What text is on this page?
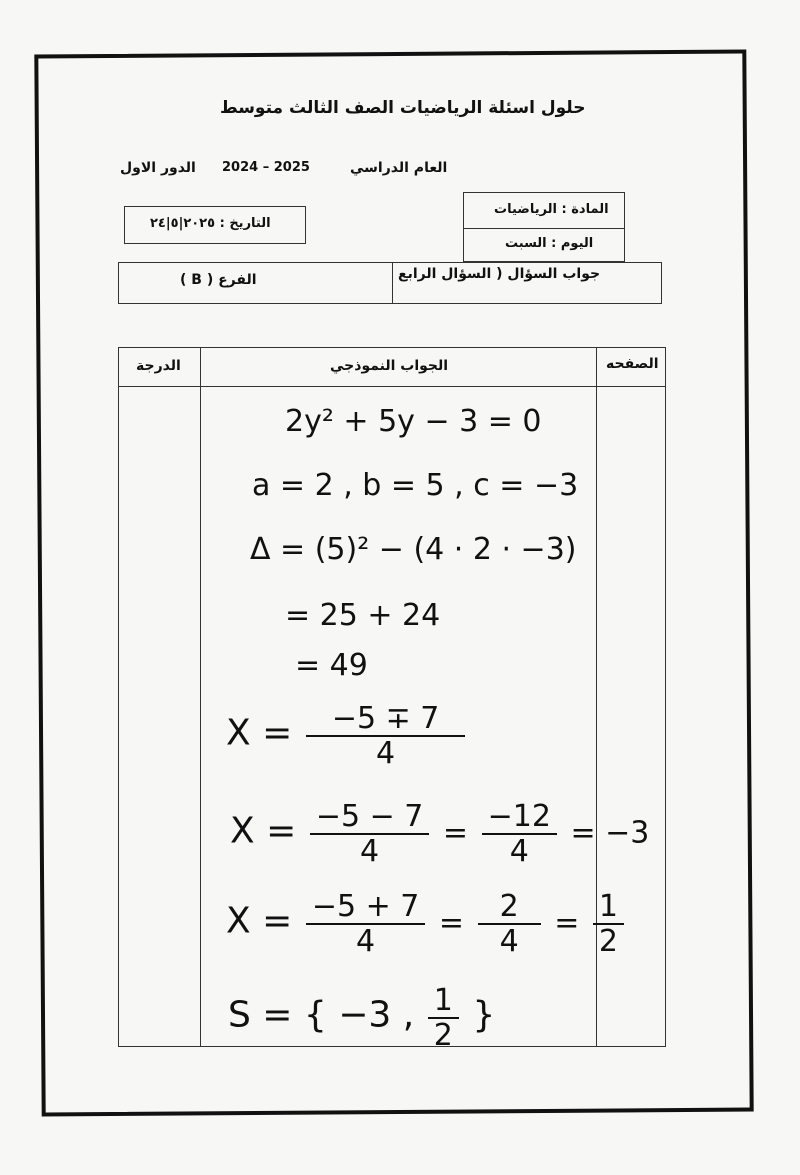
حلول اسئلة الرياضيات الصف الثالث متوسط
العام الدراسي
2024 – 2025
الدور الاول
التاريخ : ٢٠٢٥|٥|٢٤
المادة : الرياضيات
اليوم : السبت
جواب السؤال ( السؤال الرابع
الفرع ( B )
الدرجة	الجواب النموذجي	الصفحه
2y² + 5y − 3 = 0
a = 2 , b = 5 , c = −3
Δ = (5)² − (4 · 2 · −3)
= 25 + 24
= 49
$X = \frac{-5 \mp 7}{4}$
$X = \frac{-5 - 7}{4} = \frac{-12}{4} = -3$
$X = \frac{-5 + 7}{4} = \frac{2}{4} = \frac{1}{2}$
S = { −3 , $\frac{1}{2}$ }
